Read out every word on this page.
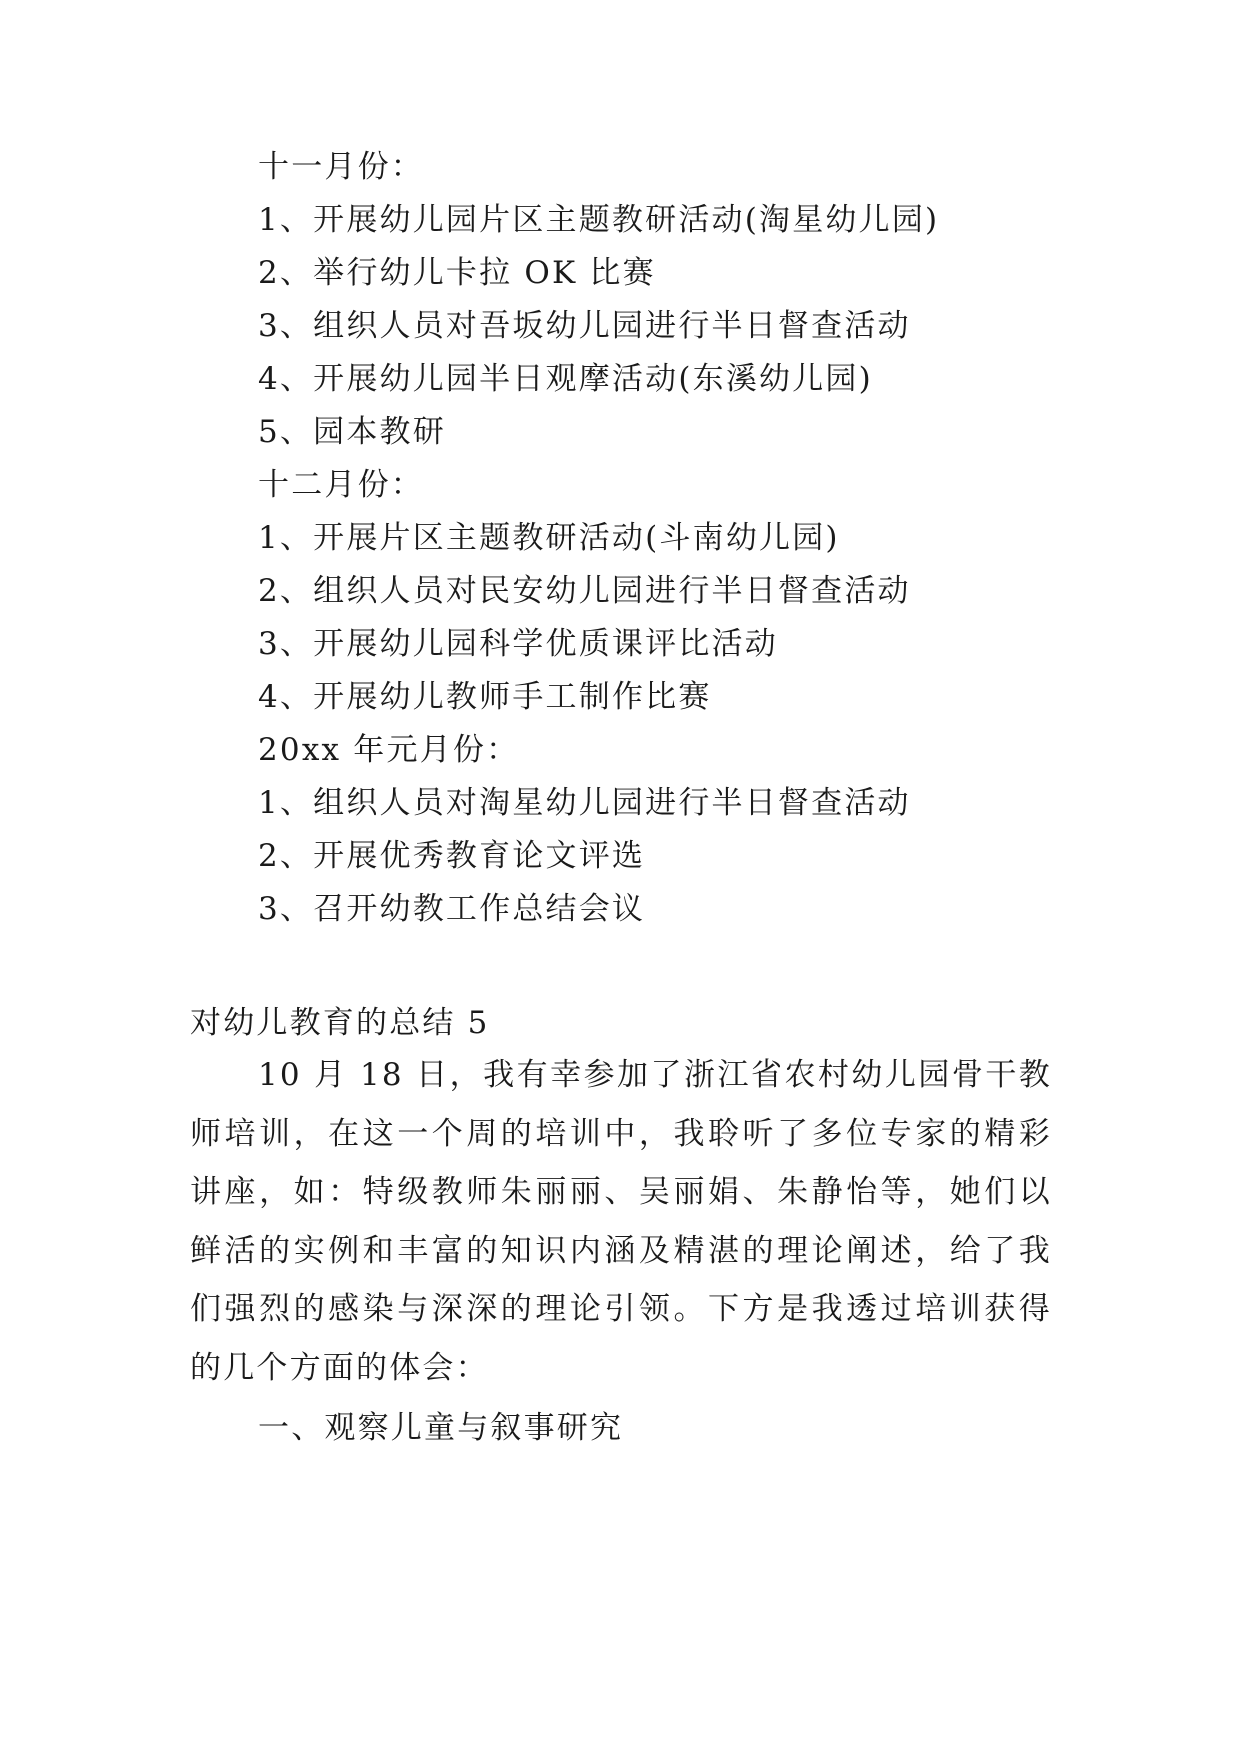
十一月份：
1、开展幼儿园片区主题教研活动(淘星幼儿园)
2、举行幼儿卡拉 OK 比赛
3、组织人员对吾坂幼儿园进行半日督查活动
4、开展幼儿园半日观摩活动(东溪幼儿园)
5、园本教研
十二月份：
1、开展片区主题教研活动(斗南幼儿园)
2、组织人员对民安幼儿园进行半日督查活动
3、开展幼儿园科学优质课评比活动
4、开展幼儿教师手工制作比赛
20xx 年元月份：
1、组织人员对淘星幼儿园进行半日督查活动
2、开展优秀教育论文评选
3、召开幼教工作总结会议
对幼儿教育的总结 5

10 月 18 日，我有幸参加了浙江省农村幼儿园骨干教师培训，在这一个周的培训中，我聆听了多位专家的精彩讲座，如：特级教师朱丽丽、吴丽娟、朱静怡等，她们以鲜活的实例和丰富的知识内涵及精湛的理论阐述，给了我们强烈的感染与深深的理论引领。下方是我透过培训获得的几个方面的体会：

一、观察儿童与叙事研究
